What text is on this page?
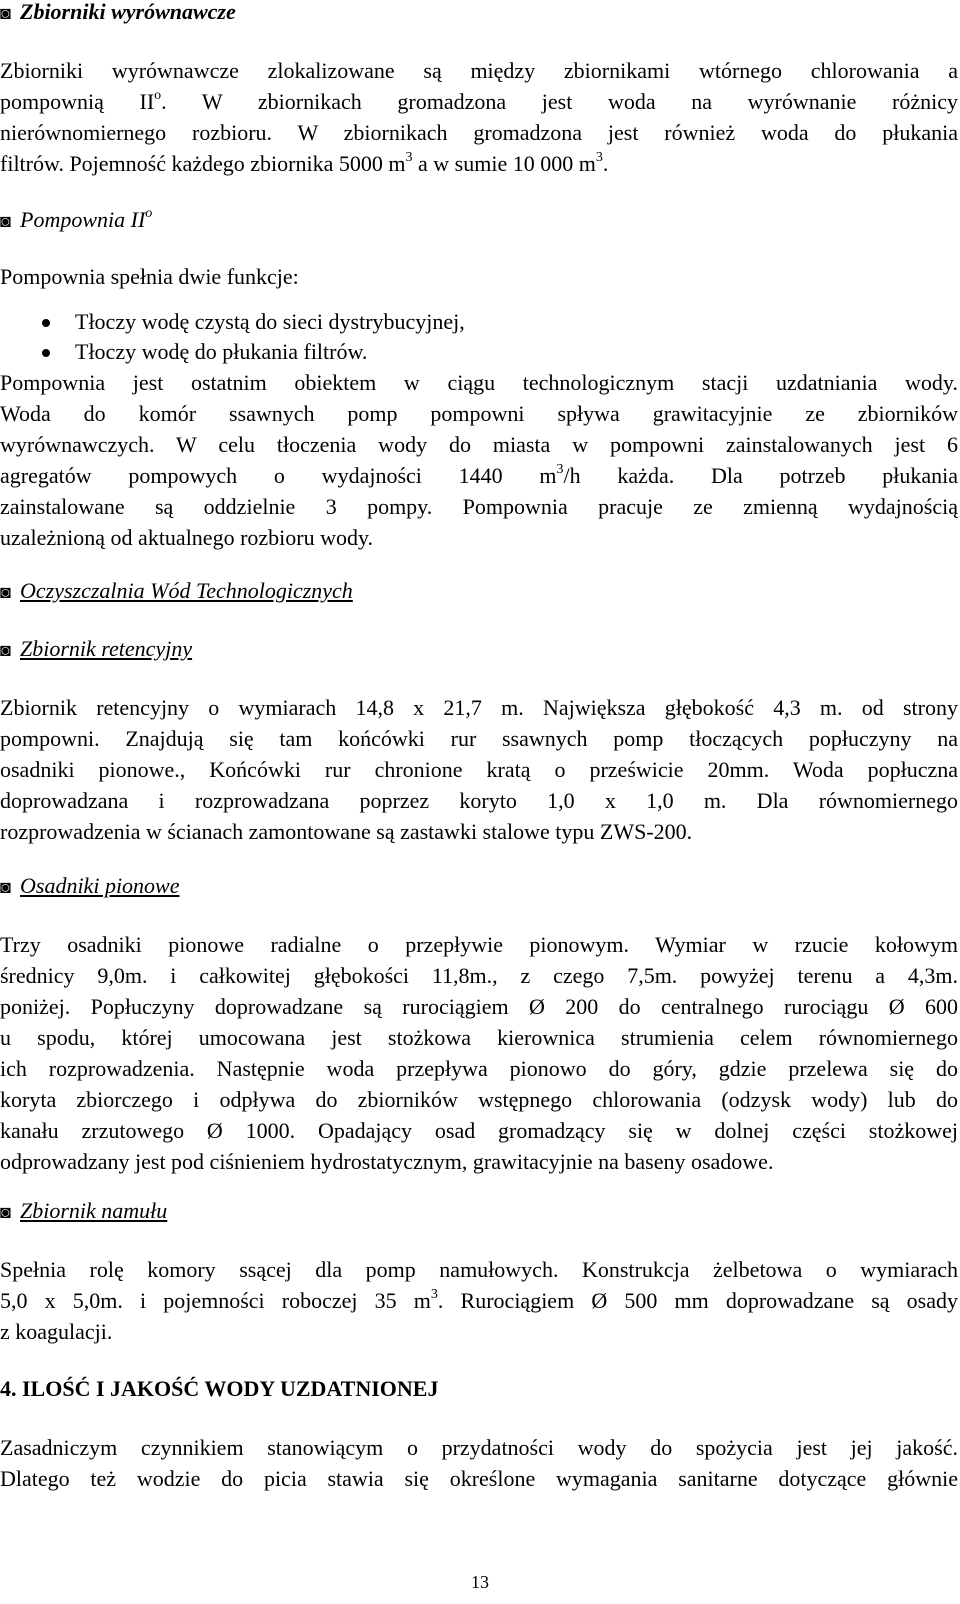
◙ Zbiorniki wyrównawcze

Zbiorniki wyrównawcze zlokalizowane są między zbiornikami wtórnego chlorowania a
pompownią $II^o$. W zbiornikach gromadzona jest woda na wyrównanie różnicy
nierównomiernego rozbioru. W zbiornikach gromadzona jest również woda do płukania
filtrów. Pojemność każdego zbiornika 5000 $m^3$ a w sumie 10 000 $m^3$.

◙ Pompownia $II^o$

Pompownia spełnia dwie funkcje:

Tłoczy wodę czystą do sieci dystrybucyjnej,
Tłoczy wodę do płukania filtrów.

Pompownia jest ostatnim obiektem w ciągu technologicznym stacji uzdatniania wody.
Woda do komór ssawnych pomp pompowni spływa grawitacyjnie ze zbiorników
wyrównawczych. W celu tłoczenia wody do miasta w pompowni zainstalowanych jest 6
agregatów pompowych o wydajności 1440 $m^3/h$ każda. Dla potrzeb płukania
zainstalowane są oddzielnie 3 pompy. Pompownia pracuje ze zmienną wydajnością
uzależnioną od aktualnego rozbioru wody.

◙ Oczyszczalnia Wód Technologicznych

◙ Zbiornik retencyjny

Zbiornik retencyjny o wymiarach 14,8 x 21,7 m. Największa głębokość 4,3 m. od strony
pompowni. Znajdują się tam końcówki rur ssawnych pomp tłoczących popłuczyny na
osadniki pionowe., Końcówki rur chronione kratą o prześwicie 20mm. Woda popłuczna
doprowadzana i rozprowadzana poprzez koryto 1,0 x 1,0 m. Dla równomiernego
rozprowadzenia w ścianach zamontowane są zastawki stalowe typu ZWS-200.

◙ Osadniki pionowe

Trzy osadniki pionowe radialne o przepływie pionowym. Wymiar w rzucie kołowym
średnicy 9,0m. i całkowitej głębokości 11,8m., z czego 7,5m. powyżej terenu a 4,3m.
poniżej. Popłuczyny doprowadzane są rurociągiem Ø 200 do centralnego rurociągu Ø 600
u spodu, której umocowana jest stożkowa kierownica strumienia celem równomiernego
ich rozprowadzenia. Następnie woda przepływa pionowo do góry, gdzie przelewa się do
koryta zbiorczego i odpływa do zbiorników wstępnego chlorowania (odzysk wody) lub do
kanału zrzutowego Ø 1000. Opadający osad gromadzący się w dolnej części stożkowej
odprowadzany jest pod ciśnieniem hydrostatycznym, grawitacyjnie na baseny osadowe.

◙ Zbiornik namułu

Spełnia rolę komory ssącej dla pomp namułowych. Konstrukcja żelbetowa o wymiarach
5,0 x 5,0m. i pojemności roboczej 35 $m^3$. Rurociągiem Ø 500 mm doprowadzane są osady
z koagulacji.

4. ILOŚĆ I JAKOŚĆ WODY UZDATNIONEJ

Zasadniczym czynnikiem stanowiącym o przydatności wody do spożycia jest jej jakość.
Dlatego też wodzie do picia stawia się określone wymagania sanitarne dotyczące głównie

13
